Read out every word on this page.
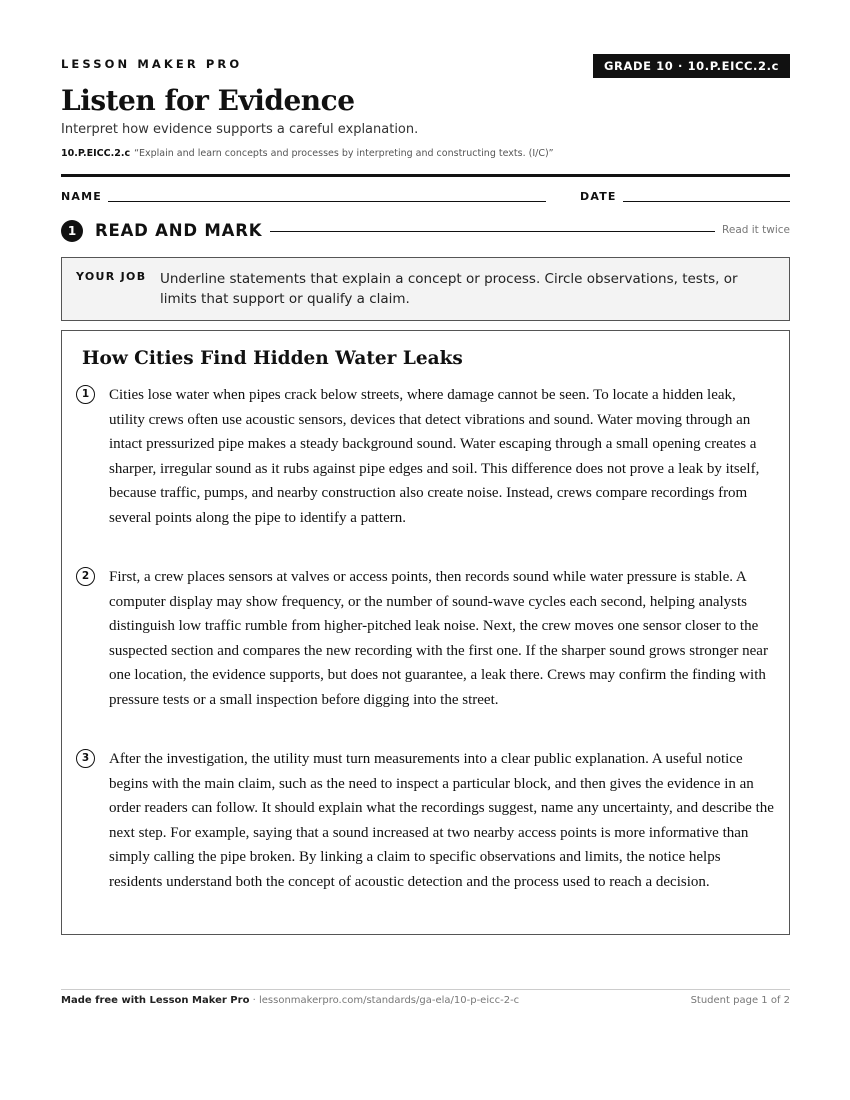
LESSON MAKER PRO	GRADE 10 · 10.P.EICC.2.c
Listen for Evidence
Interpret how evidence supports a careful explanation.
10.P.EICC.2.c “Explain and learn concepts and processes by interpreting and constructing texts. (I/C)”
NAME	DATE
1	READ AND MARK	Read it twice
YOUR JOB Underline statements that explain a concept or process. Circle observations, tests, or limits that support or qualify a claim.
How Cities Find Hidden Water Leaks
1	Cities lose water when pipes crack below streets, where damage cannot be seen. To locate a hidden leak, utility crews often use acoustic sensors, devices that detect vibrations and sound. Water moving through an intact pressurized pipe makes a steady background sound. Water escaping through a small opening creates a sharper, irregular sound as it rubs against pipe edges and soil. This difference does not prove a leak by itself, because traffic, pumps, and nearby construction also create noise. Instead, crews compare recordings from several points along the pipe to identify a pattern.

2	First, a crew places sensors at valves or access points, then records sound while water pressure is stable. A computer display may show frequency, or the number of sound-wave cycles each second, helping analysts distinguish low traffic rumble from higher-pitched leak noise. Next, the crew moves one sensor closer to the suspected section and compares the new recording with the first one. If the sharper sound grows stronger near one location, the evidence supports, but does not guarantee, a leak there. Crews may confirm the finding with pressure tests or a small inspection before digging into the street.

3	After the investigation, the utility must turn measurements into a clear public explanation. A useful notice begins with the main claim, such as the need to inspect a particular block, and then gives the evidence in an order readers can follow. It should explain what the recordings suggest, name any uncertainty, and describe the next step. For example, saying that a sound increased at two nearby access points is more informative than simply calling the pipe broken. By linking a claim to specific observations and limits, the notice helps residents understand both the concept of acoustic detection and the process used to reach a decision.

Made free with Lesson Maker Pro · lessonmakerpro.com/standards/ga-ela/10-p-eicc-2-c	Student page 1 of 2
